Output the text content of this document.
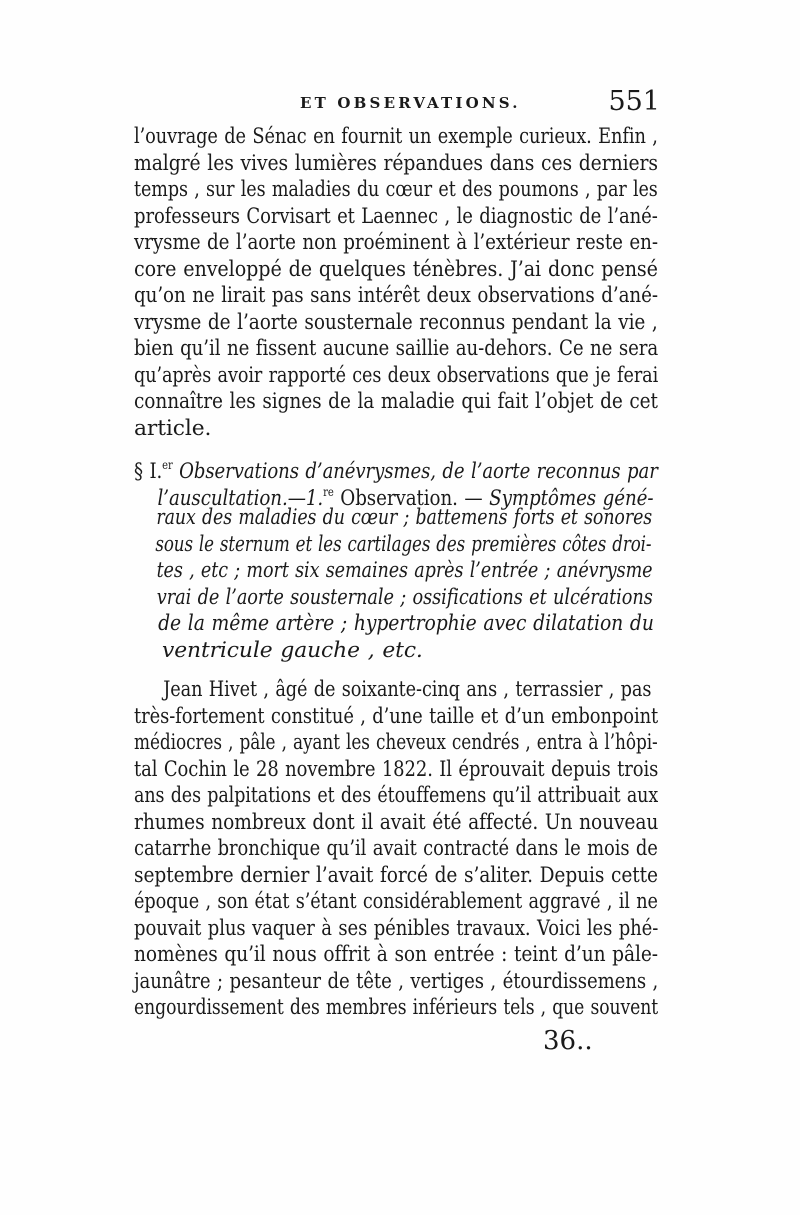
ET OBSERVATIONS.	551
l’ouvrage de Sénac en fournit un exemple curieux. Enfin ,
malgré les vives lumières répandues dans ces derniers
temps , sur les maladies du cœur et des poumons , par les
professeurs Corvisart et Laennec , le diagnostic de l’ané-
vrysme de l’aorte non proéminent à l’extérieur reste en-
core enveloppé de quelques ténèbres. J’ai donc pensé
qu’on ne lirait pas sans intérêt deux observations d’ané-
vrysme de l’aorte sousternale reconnus pendant la vie ,
bien qu’il ne fissent aucune saillie au-dehors. Ce ne sera
qu’après avoir rapporté ces deux observations que je ferai
connaître les signes de la maladie qui fait l’objet de cet
article.
§ I.$^{er}$ Observations d’anévrysmes, de l’aorte reconnus par
l’auscultation.—1.$^{re}$ Observation. — Symptômes géné-
raux des maladies du cœur ; battemens forts et sonores
sous le sternum et les cartilages des premières côtes droi-
tes , etc ; mort six semaines après l’entrée ; anévrysme
vrai de l’aorte sousternale ; ossifications et ulcérations
de la même artère ; hypertrophie avec dilatation du
ventricule gauche , etc.
Jean Hivet , âgé de soixante-cinq ans , terrassier , pas
très-fortement constitué , d’une taille et d’un embonpoint
médiocres , pâle , ayant les cheveux cendrés , entra à l’hôpi-
tal Cochin le 28 novembre 1822. Il éprouvait depuis trois
ans des palpitations et des étouffemens qu’il attribuait aux
rhumes nombreux dont il avait été affecté. Un nouveau
catarrhe bronchique qu’il avait contracté dans le mois de
septembre dernier l’avait forcé de s’aliter. Depuis cette
époque , son état s’étant considérablement aggravé , il ne
pouvait plus vaquer à ses pénibles travaux. Voici les phé-
nomènes qu’il nous offrit à son entrée : teint d’un pâle-
jaunâtre ; pesanteur de tête , vertiges , étourdissemens ,
engourdissement des membres inférieurs tels , que souvent
36..
